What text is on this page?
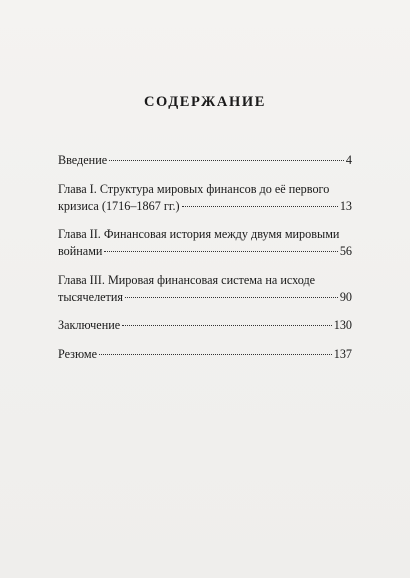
СОДЕРЖАНИЕ
Введение	4
Глава I. Структура мировых финансов до её первого
кризиса (1716–1867 гг.)	13
Глава II. Финансовая история между двумя мировыми
войнами	56
Глава III. Мировая финансовая система на исходе
тысячелетия	90
Заключение	130
Резюме	137
